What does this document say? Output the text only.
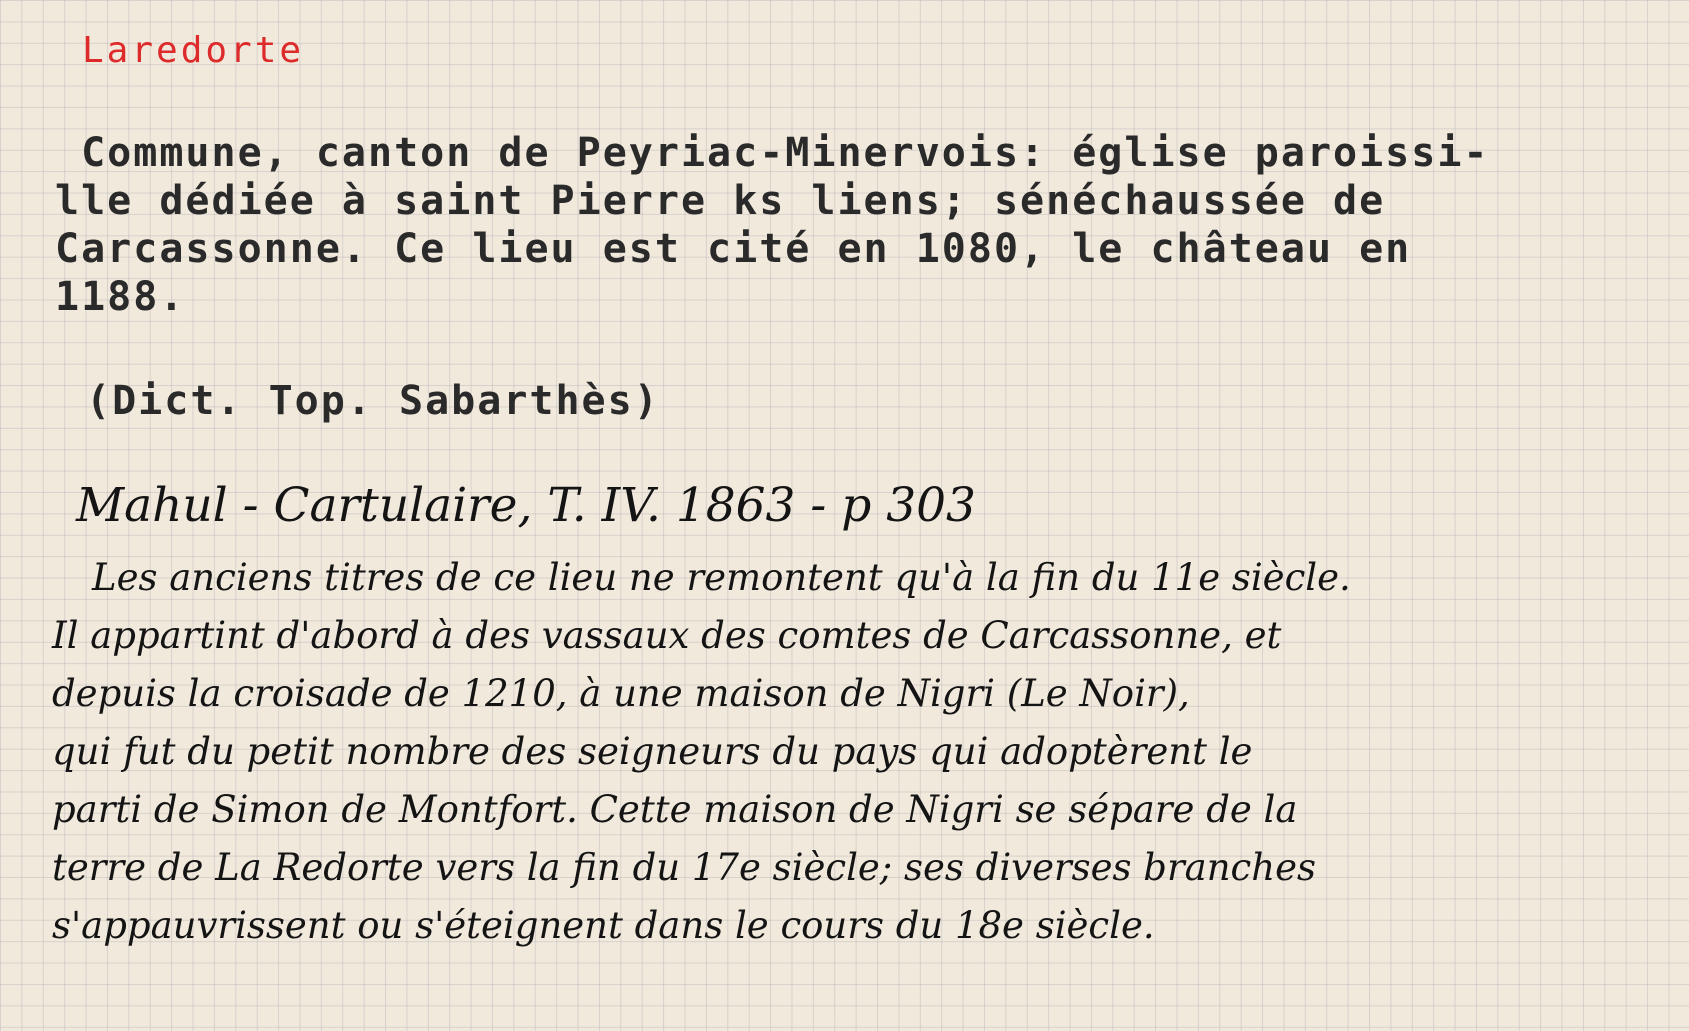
Laredorte

Commune, canton de Peyriac-Minervois: église paroissi-

lle dédiée à saint Pierre ks liens; sénéchaussée de

Carcassonne. Ce lieu est cité en 1080, le château en

1188.

(Dict. Top. Sabarthès)

Mahul - Cartulaire, T. IV. 1863 - p 303

Les anciens titres de ce lieu ne remontent qu'à la fin du 11e siècle.

Il appartint d'abord à des vassaux des comtes de Carcassonne, et

depuis la croisade de 1210, à une maison de Nigri (Le Noir),

qui fut du petit nombre des seigneurs du pays qui adoptèrent le

parti de Simon de Montfort. Cette maison de Nigri se sépare de la

terre de La Redorte vers la fin du 17e siècle; ses diverses branches

s'appauvrissent ou s'éteignent dans le cours du 18e siècle.
